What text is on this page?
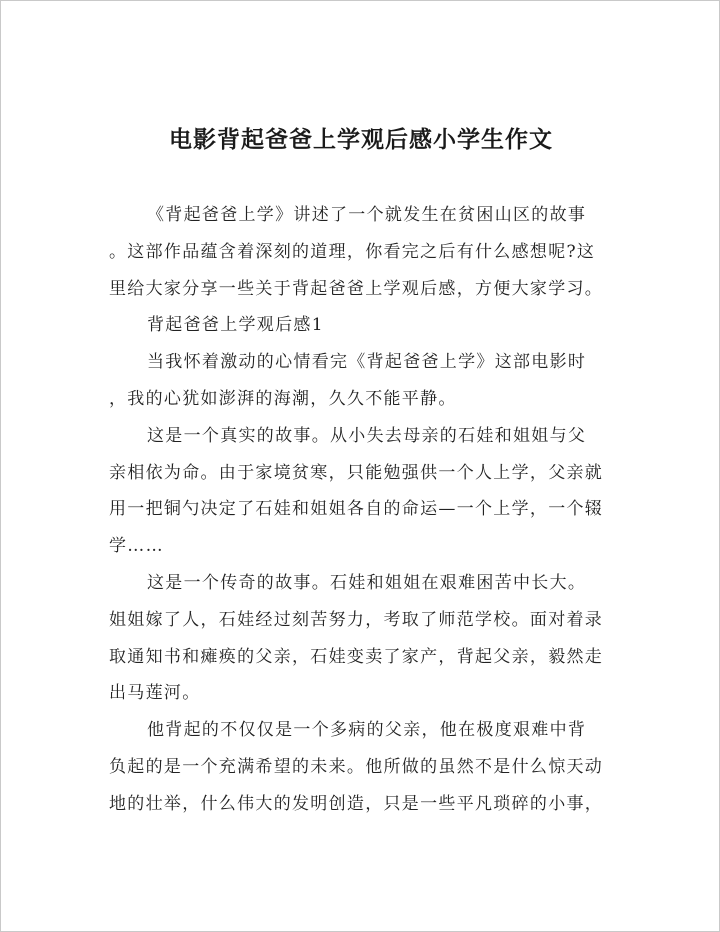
电影背起爸爸上学观后感小学生作文
《背起爸爸上学》讲述了一个就发生在贫困山区的故事
。这部作品蕴含着深刻的道理，你看完之后有什么感想呢?这
里给大家分享一些关于背起爸爸上学观后感，方便大家学习。
背起爸爸上学观后感1
当我怀着激动的心情看完《背起爸爸上学》这部电影时
，我的心犹如澎湃的海潮，久久不能平静。
这是一个真实的故事。从小失去母亲的石娃和姐姐与父
亲相依为命。由于家境贫寒，只能勉强供一个人上学，父亲就
用一把铜勺决定了石娃和姐姐各自的命运—一个上学，一个辍
学……
这是一个传奇的故事。石娃和姐姐在艰难困苦中长大。
姐姐嫁了人，石娃经过刻苦努力，考取了师范学校。面对着录
取通知书和瘫痪的父亲，石娃变卖了家产，背起父亲，毅然走
出马莲河。
他背起的不仅仅是一个多病的父亲，他在极度艰难中背
负起的是一个充满希望的未来。他所做的虽然不是什么惊天动
地的壮举，什么伟大的发明创造，只是一些平凡琐碎的小事，
